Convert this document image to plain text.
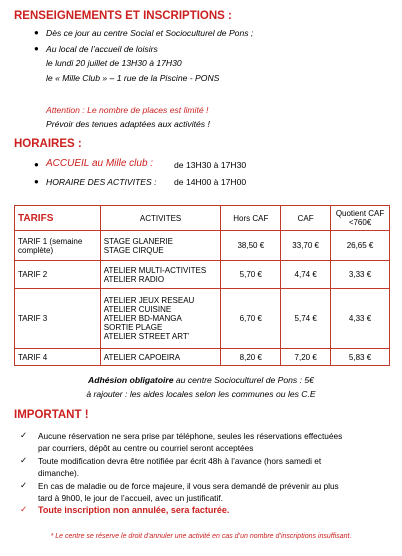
RENSEIGNEMENTS ET INSCRIPTIONS :
● Dès ce jour au centre Social et Socioculturel de Pons ;
● Au local de l’accueil de loisirs
le lundi 20 juillet de 13H30 à 17H30
le « Mille Club » – 1 rue de la Piscine - PONS
Attention : Le nombre de places est limité !
Prévoir des tenues adaptées aux activités !
HORAIRES :
● ACCUEIL au Mille club : de 13H30 à 17H30
● HORAIRE DES ACTIVITES : de 14H00 à 17H00
TARIFS	ACTIVITES	Hors CAF	CAF	Quotient CAF <760€
TARIF 1 (semaine complète)	STAGE GLANERIE
STAGE CIRQUE	38,50 €	33,70 €	26,65 €
TARIF 2	ATELIER MULTI-ACTIVITES
ATELIER RADIO	5,70 €	4,74 €	3,33 €
TARIF 3	ATELIER JEUX RESEAU
ATELIER CUISINE
ATELIER BD-MANGA
SORTIE PLAGE
ATELIER STREET ART’	6,70 €	5,74 €	4,33 €
TARIF 4	ATELIER CAPOEIRA	8,20 €	7,20 €	5,83 €
Adhésion obligatoire au centre Socioculturel de Pons : 5€
à rajouter : les aides locales selon les communes ou les C.E
IMPORTANT !
✓ Aucune réservation ne sera prise par téléphone, seules les réservations effectuées
par courriers, dépôt au centre ou courriel seront acceptées
✓ Toute modification devra être notifiée par écrit 48h à l’avance (hors samedi et
dimanche).
✓ En cas de maladie ou de force majeure, il vous sera demandé de prévenir au plus
tard à 9h00, le jour de l’accueil, avec un justificatif.
✓ Toute inscription non annulée, sera facturée.
* Le centre se réserve le droit d’annuler une activité en cas d’un nombre d’inscriptions insuffisant.
